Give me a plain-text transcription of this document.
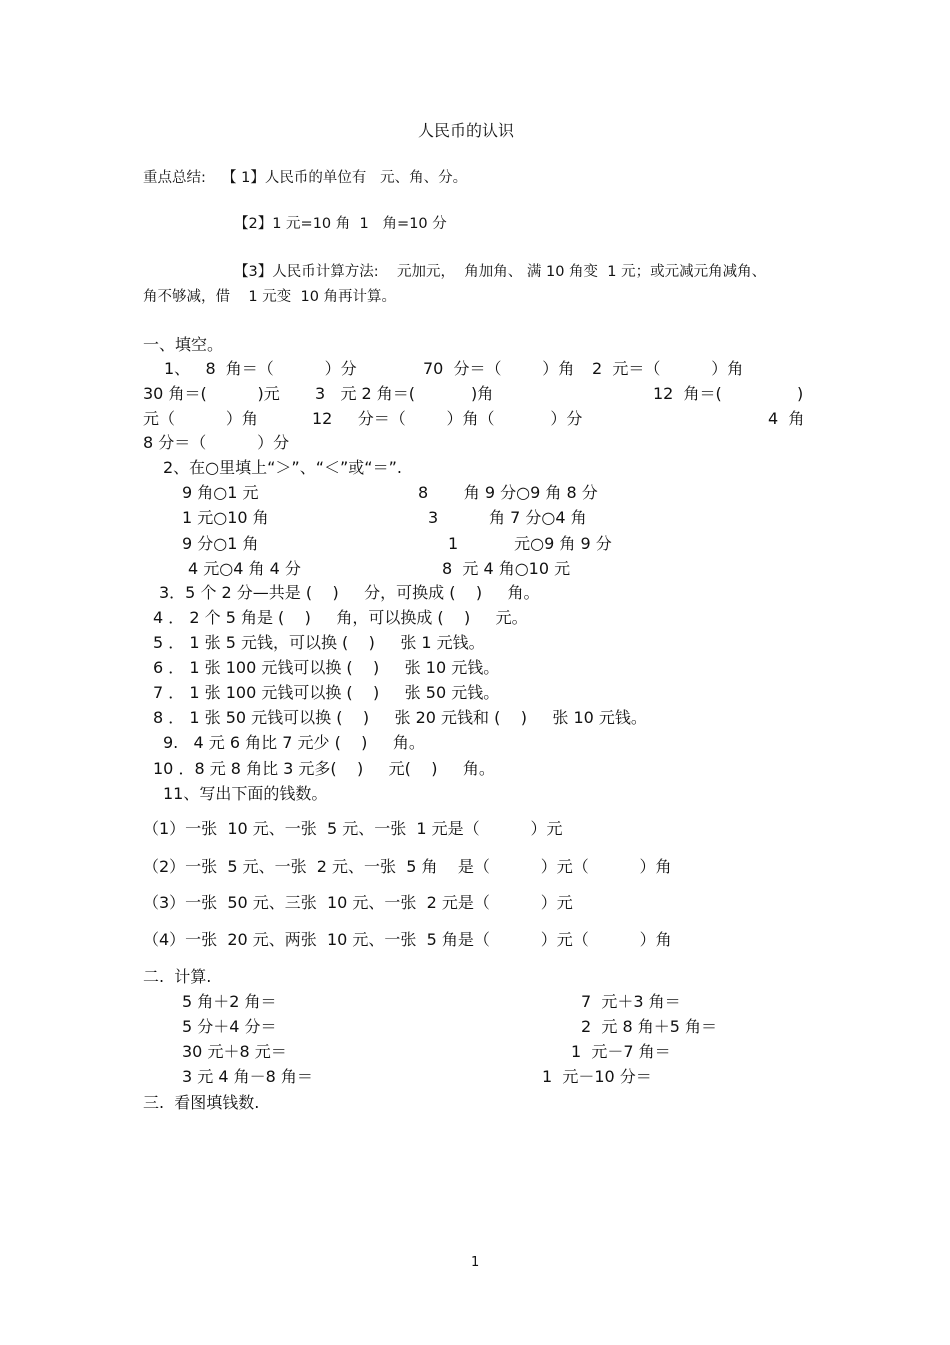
人民币的认识
重点总结: 【 1】人民币的单位有   元、角、分。
【2】1 元=10 角  1   角=10 分
【3】人民币计算方法:    元加元，  角加角、 满 10 角变  1 元；或元减元角减角、
角不够减，借    1 元变  10 角再计算。
一、填空。
1、   8  角＝（          ）分	70  分＝（        ）角 2  元＝（          ）角
30 角＝(          )元 3   元 2 角＝(           )角	12  角＝(	)
元（          ）角	12     分＝（        ）角（           ）分	4  角
8 分＝（          ）分
2、在○里填上“＞”、“＜”或“＝”.
9 角○1 元	8       角 9 分○9 角 8 分
1 元○10 角	3          角 7 分○4 角
9 分○1 角	1           元○9 角 9 分
4 元○4 角 4 分	8  元 4 角○10 元
3．5 个 2 分—共是 (    )     分，可换成 (    )     角。
4 ． 2 个 5 角是 (    )     角，可以换成 (    )     元。
5 ． 1 张 5 元钱，可以换 (    )     张 1 元钱。
6 ． 1 张 100 元钱可以换 (    )     张 10 元钱。
7 ． 1 张 100 元钱可以换 (    )     张 50 元钱。
8 ． 1 张 50 元钱可以换 (    )     张 20 元钱和 (    )     张 10 元钱。
9.   4 元 6 角比 7 元少 (    )     角。
10 ．8 元 8 角比 3 元多(    )     元(    )     角。
11、写出下面的钱数。
（1）一张  10 元、一张  5 元、一张  1 元是（          ）元
（2）一张  5 元、一张  2 元、一张  5 角    是（          ）元（          ）角
（3）一张  50 元、三张  10 元、一张  2 元是（          ）元
（4）一张  20 元、两张  10 元、一张  5 角是（          ）元（          ）角
二.  计算.
5 角＋2 角＝	7  元＋3 角＝
5 分＋4 分＝	2  元 8 角＋5 角＝
30 元＋8 元＝	1  元－7 角＝
3 元 4 角－8 角＝	1  元－10 分＝
三.  看图填钱数.
1
